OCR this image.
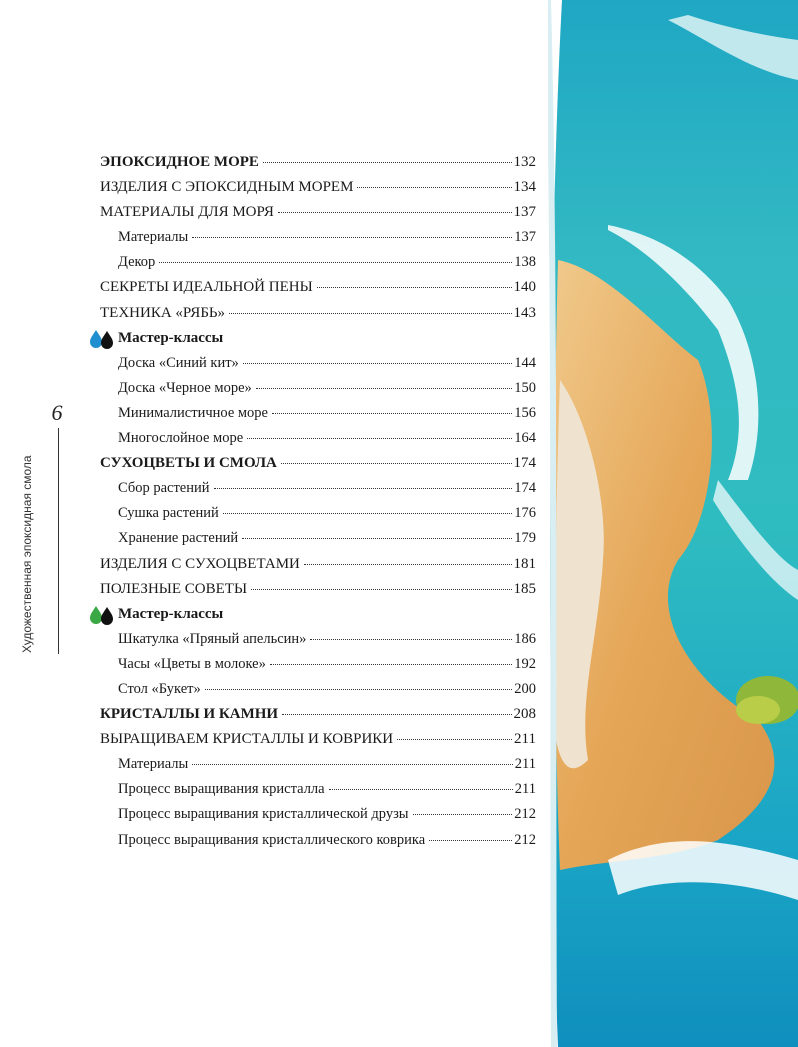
6
Художественная эпоксидная смола
ЭПОКСИДНОЕ МОРЕ	132
ИЗДЕЛИЯ С ЭПОКСИДНЫМ МОРЕМ	134
МАТЕРИАЛЫ ДЛЯ МОРЯ	137
Материалы	137
Декор	138
СЕКРЕТЫ ИДЕАЛЬНОЙ ПЕНЫ	140
ТЕХНИКА «РЯБЬ»	143
Мастер-классы
Доска «Синий кит»	144
Доска «Черное море»	150
Минималистичное море	156
Многослойное море	164
СУХОЦВЕТЫ И СМОЛА	174
Сбор растений	174
Сушка растений	176
Хранение растений	179
ИЗДЕЛИЯ С СУХОЦВЕТАМИ	181
ПОЛЕЗНЫЕ СОВЕТЫ	185
Мастер-классы
Шкатулка «Пряный апельсин»	186
Часы «Цветы в молоке»	192
Стол «Букет»	200
КРИСТАЛЛЫ И КАМНИ	208
ВЫРАЩИВАЕМ КРИСТАЛЛЫ И КОВРИКИ	211
Материалы	211
Процесс выращивания кристалла	211
Процесс выращивания кристаллической друзы	212
Процесс выращивания кристаллического коврика	212
